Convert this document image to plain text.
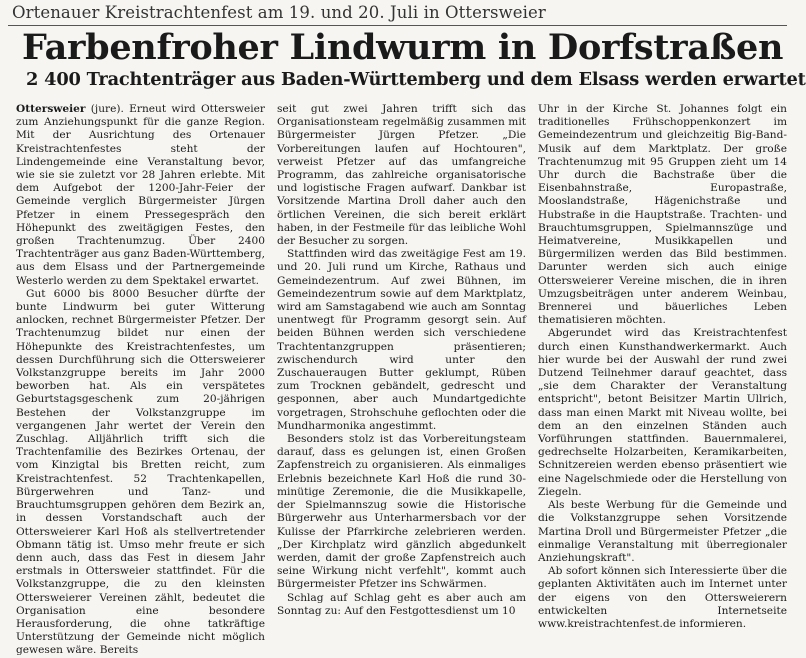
Ortenauer Kreistrachtenfest am 19. und 20. Juli in Ottersweier
Farbenfroher Lindwurm in Dorfstraßen
2 400 Trachtenträger aus Baden-Württemberg und dem Elsass werden erwartet

Ottersweier (jure). Erneut wird Ottersweier zum Anziehungspunkt für die ganze Region. Mit der Ausrichtung des Ortenauer Kreistrachtenfestes steht der Lindengemeinde eine Veranstaltung bevor, wie sie sie zuletzt vor 28 Jahren erlebte. Mit dem Aufgebot der 1200-Jahr-Feier der Gemeinde verglich Bürgermeister Jürgen Pfetzer in einem Pressegespräch den Höhepunkt des zweitägigen Festes, den großen Trachtenumzug. Über 2400 Trachtenträger aus ganz Baden-Württemberg, aus dem Elsass und der Partnergemeinde Westerlo werden zu dem Spektakel erwartet.

Gut 6000 bis 8000 Besucher dürfte der bunte Lindwurm bei guter Witterung anlocken, rechnet Bürgermeister Pfetzer. Der Trachtenumzug bildet nur einen der Höhepunkte des Kreistrachtenfestes, um dessen Durchführung sich die Ottersweierer Volkstanzgruppe bereits im Jahr 2000 beworben hat. Als ein verspätetes Geburtstagsgeschenk zum 20-jährigen Bestehen der Volkstanzgruppe im vergangenen Jahr wertet der Verein den Zuschlag. Alljährlich trifft sich die Trachtenfamilie des Bezirkes Ortenau, der vom Kinzigtal bis Bretten reicht, zum Kreistrachtenfest. 52 Trachtenkapellen, Bürgerwehren und Tanz- und Brauchtumsgruppen gehören dem Bezirk an, in dessen Vorstandschaft auch der Ottersweierer Karl Hoß als stellvertretender Obmann tätig ist. Umso mehr freute er sich denn auch, dass das Fest in diesem Jahr erstmals in Ottersweier stattfindet. Für die Volkstanzgruppe, die zu den kleinsten Ottersweierer Vereinen zählt, bedeutet die Organisation eine besondere Herausforderung, die ohne tatkräftige Unterstützung der Gemeinde nicht möglich gewesen wäre. Bereits

seit gut zwei Jahren trifft sich das Organisationsteam regelmäßig zusammen mit Bürgermeister Jürgen Pfetzer. „Die Vorbereitungen laufen auf Hochtouren", verweist Pfetzer auf das umfangreiche Programm, das zahlreiche organisatorische und logistische Fragen aufwarf. Dankbar ist Vorsitzende Martina Droll daher auch den örtlichen Vereinen, die sich bereit erklärt haben, in der Festmeile für das leibliche Wohl der Besucher zu sorgen.

Stattfinden wird das zweitägige Fest am 19. und 20. Juli rund um Kirche, Rathaus und Gemeindezentrum. Auf zwei Bühnen, im Gemeindezentrum sowie auf dem Marktplatz, wird am Samstagabend wie auch am Sonntag unentwegt für Programm gesorgt sein. Auf beiden Bühnen werden sich verschiedene Trachtentanzgruppen präsentieren; zwischendurch wird unter den Zuschaueraugen Butter geklumpt, Rüben zum Trocknen gebändelt, gedrescht und gesponnen, aber auch Mundartgedichte vorgetragen, Strohschuhe geflochten oder die Mundharmonika angestimmt.

Besonders stolz ist das Vorbereitungsteam darauf, dass es gelungen ist, einen Großen Zapfenstreich zu organisieren. Als einmaliges Erlebnis bezeichnete Karl Hoß die rund 30-minütige Zeremonie, die die Musikkapelle, der Spielmannszug sowie die Historische Bürgerwehr aus Unterharmersbach vor der Kulisse der Pfarrkirche zelebrieren werden. „Der Kirchplatz wird gänzlich abgedunkelt werden, damit der große Zapfenstreich auch seine Wirkung nicht verfehlt", kommt auch Bürgermeister Pfetzer ins Schwärmen.

Schlag auf Schlag geht es aber auch am Sonntag zu: Auf den Festgottesdienst um 10

Uhr in der Kirche St. Johannes folgt ein traditionelles Frühschoppenkonzert im Gemeindezentrum und gleichzeitig Big-Band-Musik auf dem Marktplatz. Der große Trachtenumzug mit 95 Gruppen zieht um 14 Uhr durch die Bachstraße über die Eisenbahnstraße, Europastraße, Mooslandstraße, Hägenichstraße und Hubstraße in die Hauptstraße. Trachten- und Brauchtumsgruppen, Spielmannszüge und Heimatvereine, Musikkapellen und Bürgermilizen werden das Bild bestimmen. Darunter werden sich auch einige Ottersweierer Vereine mischen, die in ihren Umzugsbeiträgen unter anderem Weinbau, Brennerei und bäuerliches Leben thematisieren möchten.

Abgerundet wird das Kreistrachtenfest durch einen Kunsthandwerkermarkt. Auch hier wurde bei der Auswahl der rund zwei Dutzend Teilnehmer darauf geachtet, dass „sie dem Charakter der Veranstaltung entspricht", betont Beisitzer Martin Ullrich, dass man einen Markt mit Niveau wollte, bei dem an den einzelnen Ständen auch Vorführungen stattfinden. Bauernmalerei, gedrechselte Holzarbeiten, Keramikarbeiten, Schnitzereien werden ebenso präsentiert wie eine Nagelschmiede oder die Herstellung von Ziegeln.

Als beste Werbung für die Gemeinde und die Volkstanzgruppe sehen Vorsitzende Martina Droll und Bürgermeister Pfetzer „die einmalige Veranstaltung mit überregionaler Anziehungskraft".

Ab sofort können sich Interessierte über die geplanten Aktivitäten auch im Internet unter der eigens von den Ottersweierern entwickelten Internetseite www.kreistrachtenfest.de informieren.
